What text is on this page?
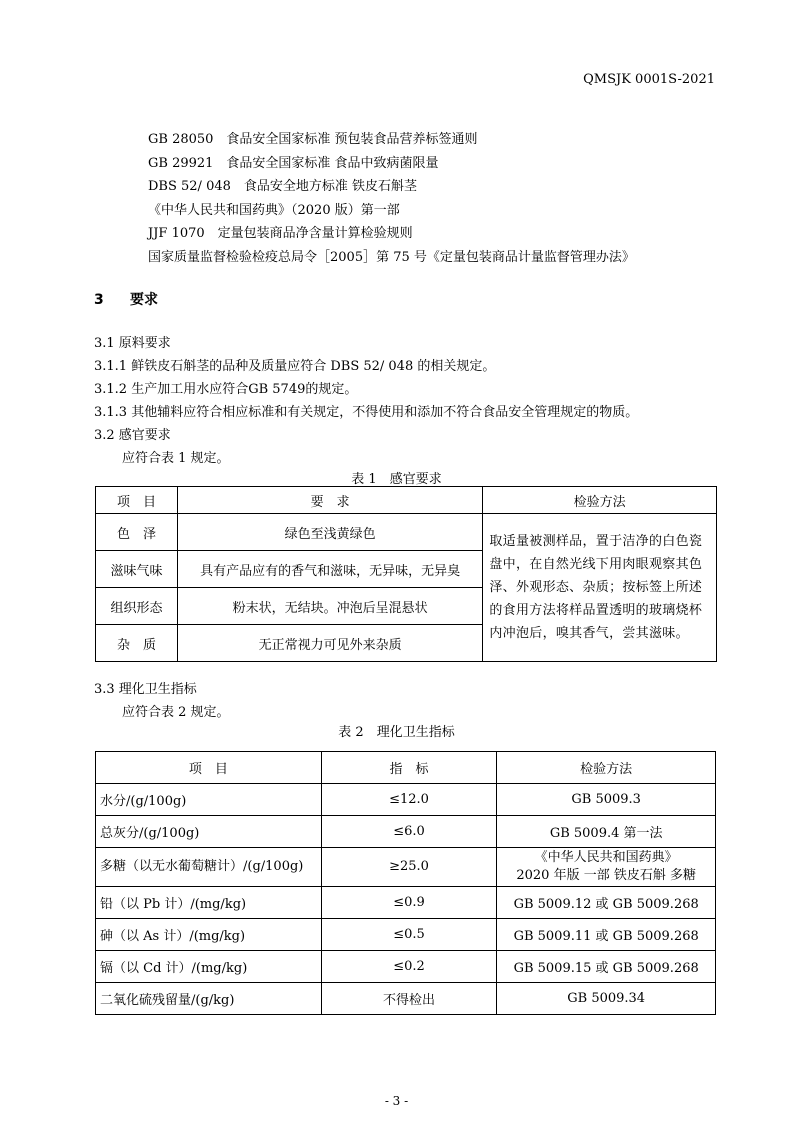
QMSJK 0001S-2021
GB 28050　食品安全国家标准 预包装食品营养标签通则
GB 29921　食品安全国家标准 食品中致病菌限量
DBS 52/ 048　食品安全地方标准 铁皮石斛茎
《中华人民共和国药典》（2020 版）第一部
JJF 1070　定量包装商品净含量计算检验规则
国家质量监督检验检疫总局令［2005］第 75 号《定量包装商品计量监督管理办法》
3 要求
3.1 原料要求
3.1.1 鲜铁皮石斛茎的品种及质量应符合 DBS 52/ 048 的相关规定。
3.1.2 生产加工用水应符合GB 5749的规定。
3.1.3 其他辅料应符合相应标准和有关规定，不得使用和添加不符合食品安全管理规定的物质。
3.2 感官要求
应符合表 1 规定。
表 1　感官要求
项　目	要　求	检验方法
色　泽	绿色至浅黄绿色	取适量被测样品，置于洁净的白色瓷盘中，在自然光线下用肉眼观察其色泽、外观形态、杂质；按标签上所述的食用方法将样品置透明的玻璃烧杯内冲泡后，嗅其香气，尝其滋味。
滋味气味	具有产品应有的香气和滋味，无异味，无异臭	
组织形态	粉末状，无结块。冲泡后呈混悬状	
杂　质	无正常视力可见外来杂质	
3.3 理化卫生指标
应符合表 2 规定。
表 2　理化卫生指标
项　目	指　标	检验方法
水分/(g/100g)	≤12.0	GB 5009.3
总灰分/(g/100g)	≤6.0	GB 5009.4 第一法
多糖（以无水葡萄糖计）/(g/100g)	≥25.0	《中华人民共和国药典》
2020 年版 一部 铁皮石斛 多糖

铅（以 Pb 计）/(mg/kg)	≤0.9	GB 5009.12 或 GB 5009.268
砷（以 As 计）/(mg/kg)	≤0.5	GB 5009.11 或 GB 5009.268
镉（以 Cd 计）/(mg/kg)	≤0.2	GB 5009.15 或 GB 5009.268
二氧化硫残留量/(g/kg)	不得检出	GB 5009.34
- 3 -
